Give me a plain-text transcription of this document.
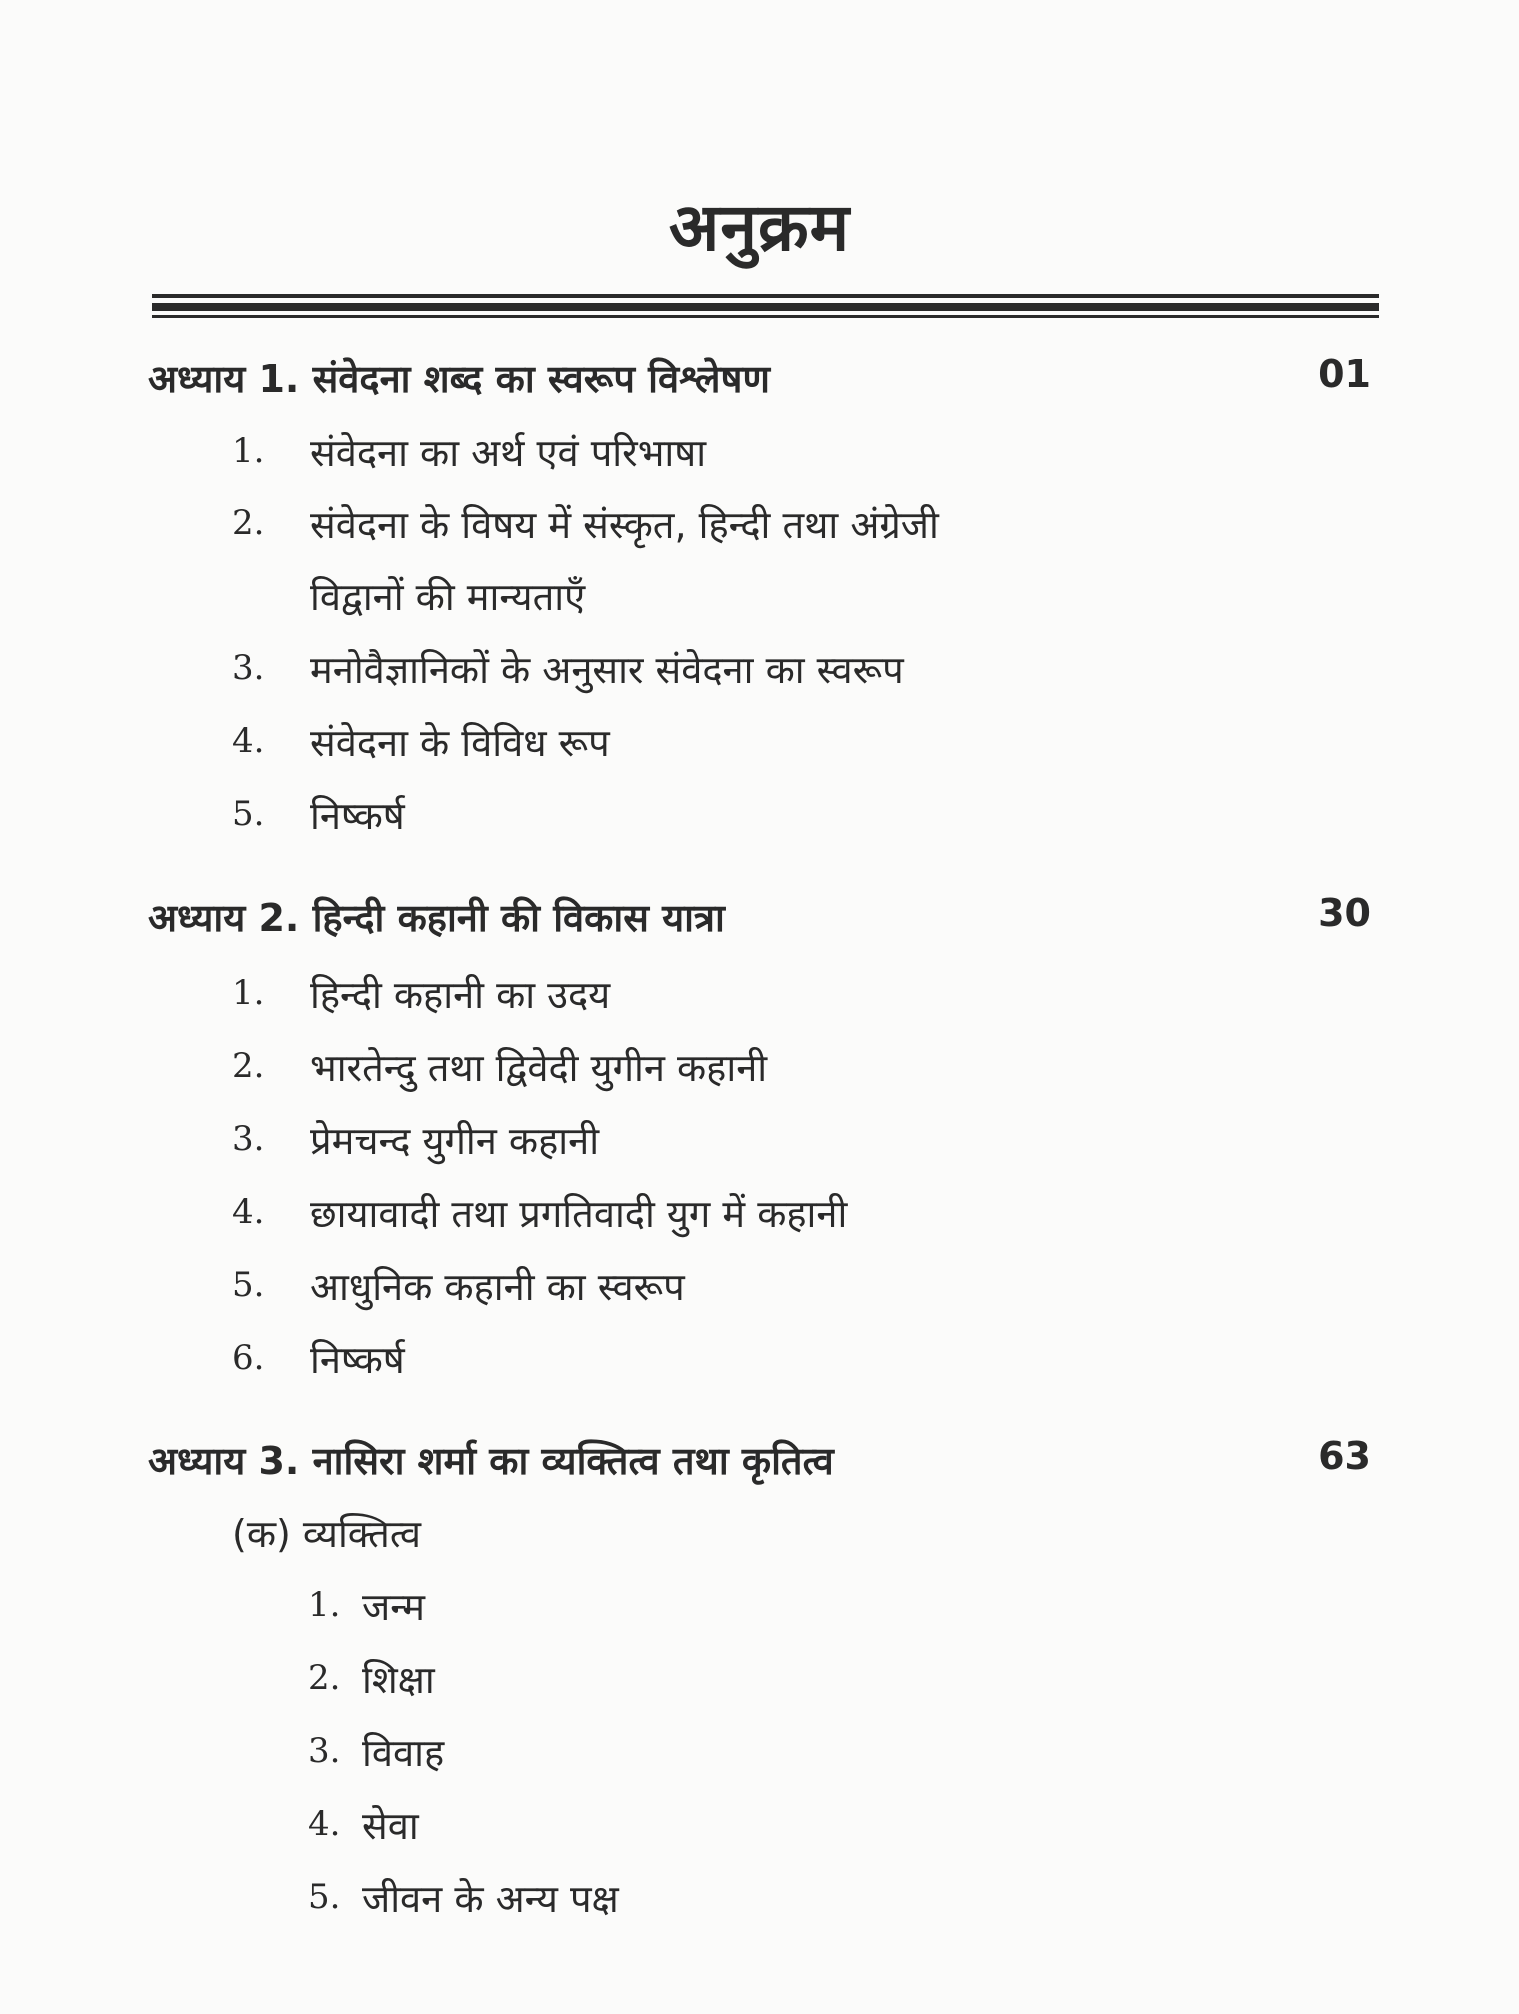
अनुक्रम
अध्याय 1. संवेदना शब्द का स्वरूप विश्लेषण	01
1. संवेदना का अर्थ एवं परिभाषा
2. संवेदना के विषय में संस्कृत, हिन्दी तथा अंग्रेजी
विद्वानों की मान्यताएँ
3. मनोवैज्ञानिकों के अनुसार संवेदना का स्वरूप
4. संवेदना के विविध रूप
5. निष्कर्ष
अध्याय 2. हिन्दी कहानी की विकास यात्रा	30
1. हिन्दी कहानी का उदय
2. भारतेन्दु तथा द्विवेदी युगीन कहानी
3. प्रेमचन्द युगीन कहानी
4. छायावादी तथा प्रगतिवादी युग में कहानी
5. आधुनिक कहानी का स्वरूप
6. निष्कर्ष
अध्याय 3. नासिरा शर्मा का व्यक्तित्व तथा कृतित्व	63
(क) व्यक्तित्व
1. जन्म
2. शिक्षा
3. विवाह
4. सेवा
5. जीवन के अन्य पक्ष
